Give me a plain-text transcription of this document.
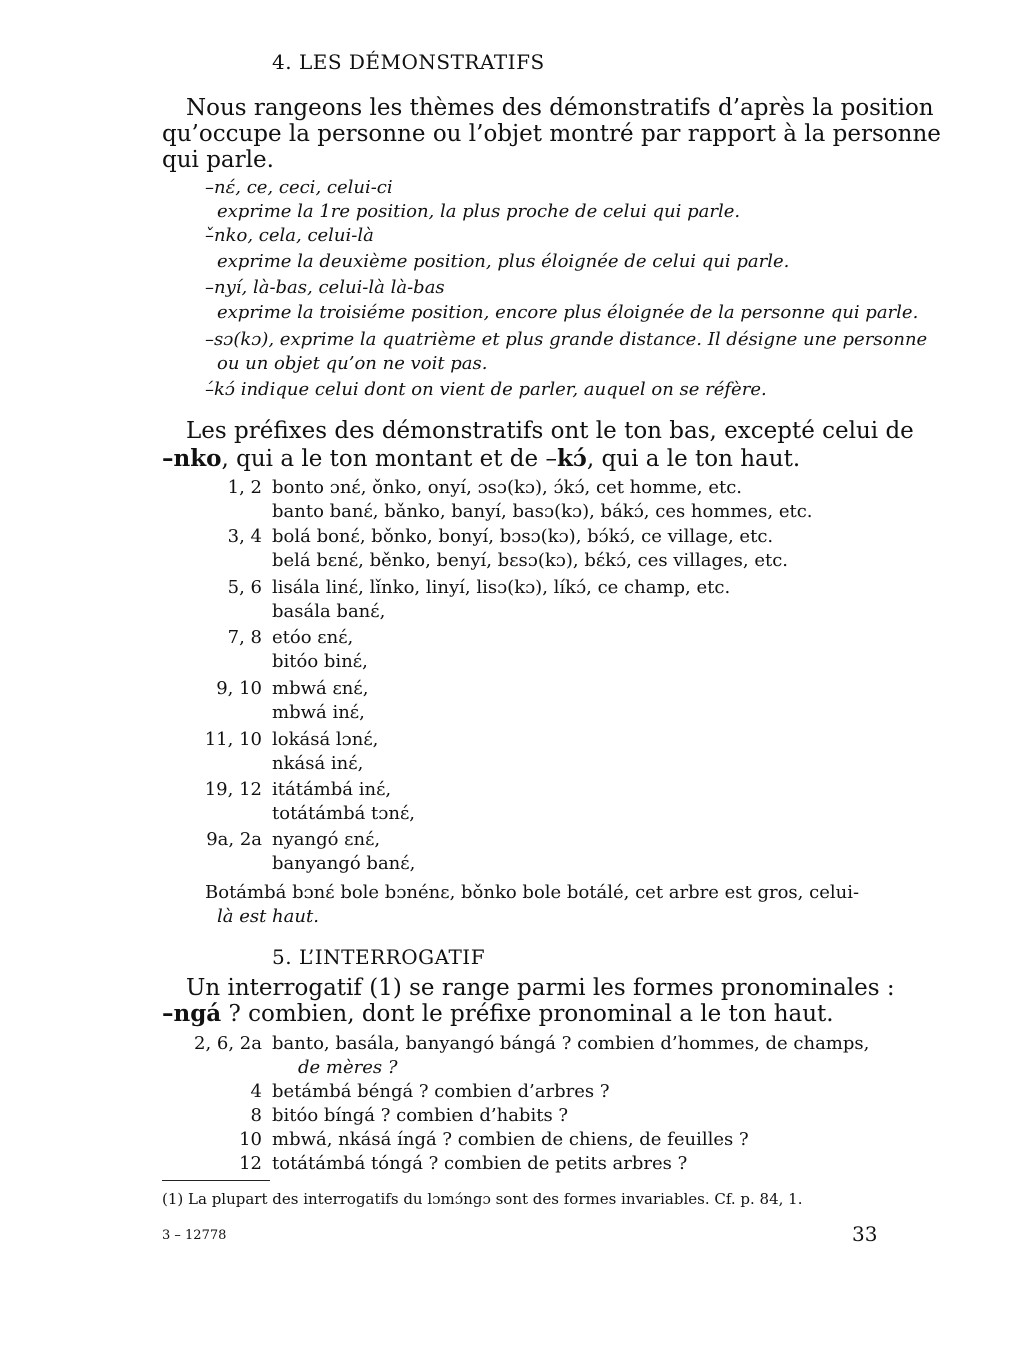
4. LES DÉMONSTRATIFS
Nous rangeons les thèmes des démonstratifs d’après la position
qu’occupe la personne ou l’objet montré par rapport à la personne
qui parle.
–nɛ́, ce, ceci, celui-ci
exprime la 1re position, la plus proche de celui qui parle.
–̌nko, cela, celui-là
exprime la deuxième position, plus éloignée de celui qui parle.
–nyí, là-bas, celui-là là-bas
exprime la troisiéme position, encore plus éloignée de la personne qui parle.
–sɔ(kɔ), exprime la quatrième et plus grande distance. Il désigne une personne
ou un objet qu’on ne voit pas.
–́kɔ́ indique celui dont on vient de parler, auquel on se réfère.
Les préfixes des démonstratifs ont le ton bas, excepté celui de
–nko, qui a le ton montant et de –kɔ́, qui a le ton haut.
1, 2 bonto ɔnɛ́, ǒnko, onyí, ɔsɔ(kɔ), ɔ́kɔ́, cet homme, etc.
banto banɛ́, bǎnko, banyí, basɔ(kɔ), bákɔ́, ces hommes, etc.
3, 4 bolá bonɛ́, bǒnko, bonyí, bɔsɔ(kɔ), bɔ́kɔ́, ce village, etc.
belá bɛnɛ́, běnko, benyí, bɛsɔ(kɔ), bɛ́kɔ́, ces villages, etc.
5, 6 lisála linɛ́, lǐnko, linyí, lisɔ(kɔ), líkɔ́, ce champ, etc.
basála banɛ́,
7, 8 etóo ɛnɛ́,
bitóo binɛ́,
9, 10 mbwá ɛnɛ́,
mbwá inɛ́,
11, 10 lokásá lɔnɛ́,
nkásá inɛ́,
19, 12 itátámbá inɛ́,
totátámbá tɔnɛ́,
9a, 2a nyangó ɛnɛ́,
banyangó banɛ́,
Botámbá bɔnɛ́ bole bɔnénɛ, bǒnko bole botálé, cet arbre est gros, celui-
là est haut.
5. L’INTERROGATIF
Un interrogatif (1) se range parmi les formes pronominales :
–ngá ? combien, dont le préfixe pronominal a le ton haut.
2, 6, 2a banto, basála, banyangó bángá ? combien d’hommes, de champs,
de mères ?
4 betámbá béngá ? combien d’arbres ?
8 bitóo bíngá ? combien d’habits ?
10 mbwá, nkásá íngá ? combien de chiens, de feuilles ?
12 totátámbá tóngá ? combien de petits arbres ?
(1) La plupart des interrogatifs du lɔmɔ́ngɔ sont des formes invariables. Cf. p. 84, 1.
3 – 12778	33
